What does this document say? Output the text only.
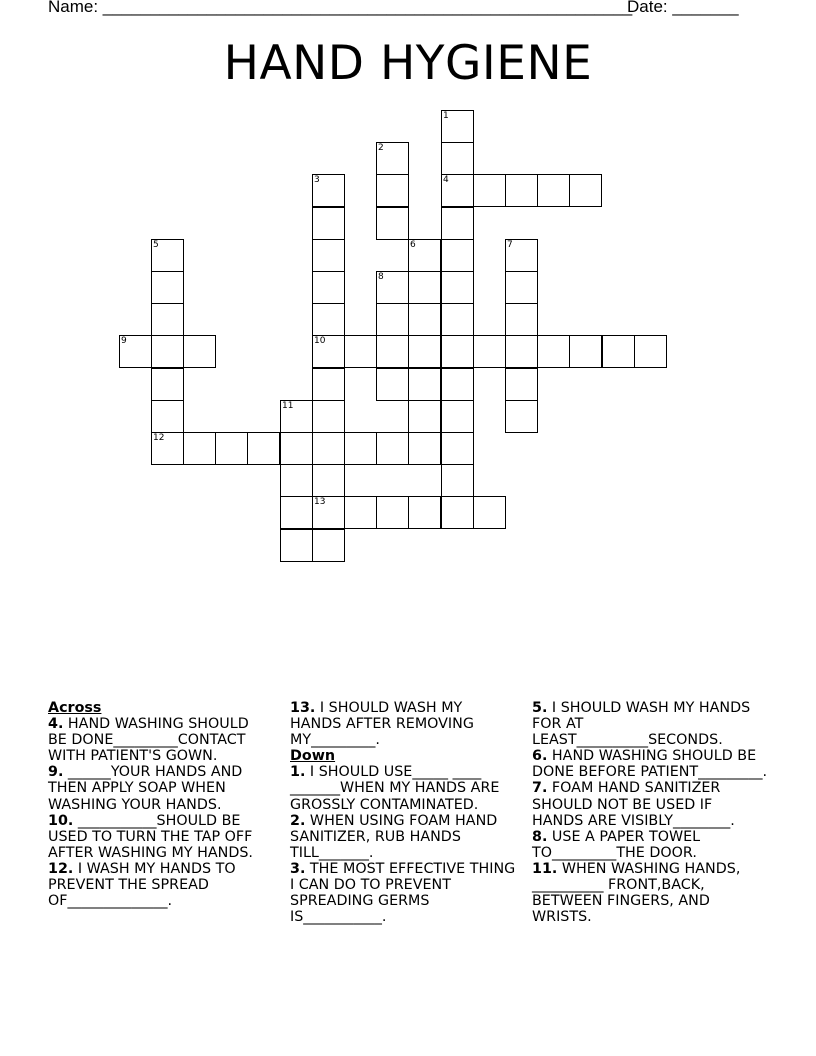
Name: ________________________________________________________
Date: _______
HAND HYGIENE
1
4
2
3
10
13
5
12
6	7
8
9
11
Across

4. HAND WASHING SHOULD BE DONE_________CONTACT WITH PATIENT'S GOWN.

9. ______YOUR HANDS AND THEN APPLY SOAP WHEN WASHING YOUR HANDS.

10. ___________SHOULD BE USED TO TURN THE TAP OFF AFTER WASHING MY HANDS.

12. I WASH MY HANDS TO PREVENT THE SPREAD OF______________.

13. I SHOULD WASH MY HANDS AFTER REMOVING MY_________.

Down

1. I SHOULD USE_____ ____ _______WHEN MY HANDS ARE GROSSLY CONTAMINATED.

2. WHEN USING FOAM HAND SANITIZER, RUB HANDS TILL_______.

3. THE MOST EFFECTIVE THING I CAN DO TO PREVENT SPREADING GERMS IS___________.

5. I SHOULD WASH MY HANDS FOR AT LEAST__________SECONDS.

6. HAND WASHING SHOULD BE DONE BEFORE PATIENT_________.

7. FOAM HAND SANITIZER SHOULD NOT BE USED IF HANDS ARE VISIBLY________.

8. USE A PAPER TOWEL TO_________THE DOOR.

11. WHEN WASHING HANDS, __________ FRONT,BACK, BETWEEN FINGERS, AND WRISTS.
